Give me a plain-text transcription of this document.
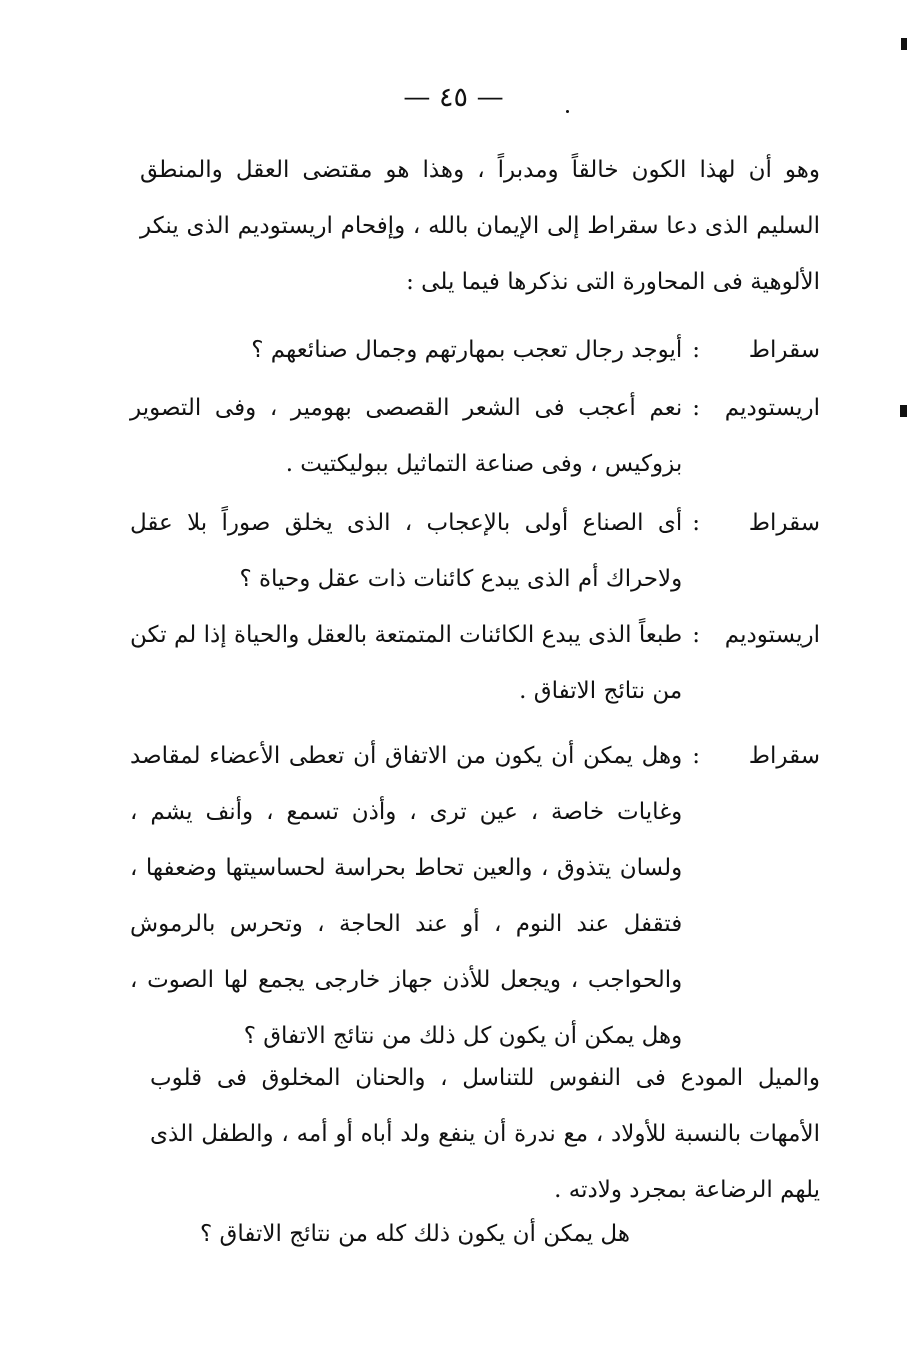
— ٤٥ —

وهو أن لهذا الكون خالقاً ومدبراً ، وهذا هو مقتضى العقل والمنطق السليم الذى دعا سقراط إلى الإيمان بالله ، وإفحام اريستوديم الذى ينكر الألوهية فى المحاورة التى نذكرها فيما يلى :

سقراط
:
أيوجد رجال تعجب بمهارتهم وجمال صنائعهم ؟
اريستوديم
:
نعم أعجب فى الشعر القصصى بهومير ، وفى التصوير بزوكيس ، وفى صناعة التماثيل ببوليكتيت .
سقراط
:
أى الصناع أولى بالإعجاب ، الذى يخلق صوراً بلا عقل ولاحراك أم الذى يبدع كائنات ذات عقل وحياة ؟
اريستوديم
:
طبعاً الذى يبدع الكائنات المتمتعة بالعقل والحياة إذا لم تكن من نتائج الاتفاق .
سقراط
:
وهل يمكن أن يكون من الاتفاق أن تعطى الأعضاء لمقاصد وغايات خاصة ، عين ترى ، وأذن تسمع ، وأنف يشم ، ولسان يتذوق ، والعين تحاط بحراسة لحساسيتها وضعفها ، فتقفل عند النوم ، أو عند الحاجة ، وتحرس بالرموش والحواجب ، ويجعل للأذن جهاز خارجى يجمع لها الصوت ، وهل يمكن أن يكون كل ذلك من نتائج الاتفاق ؟

والميل المودع فى النفوس للتناسل ، والحنان المخلوق فى قلوب الأمهات بالنسبة للأولاد ، مع ندرة أن ينفع ولد أباه أو أمه ، والطفل الذى يلهم الرضاعة بمجرد ولادته .

هل يمكن أن يكون ذلك كله من نتائج الاتفاق ؟
